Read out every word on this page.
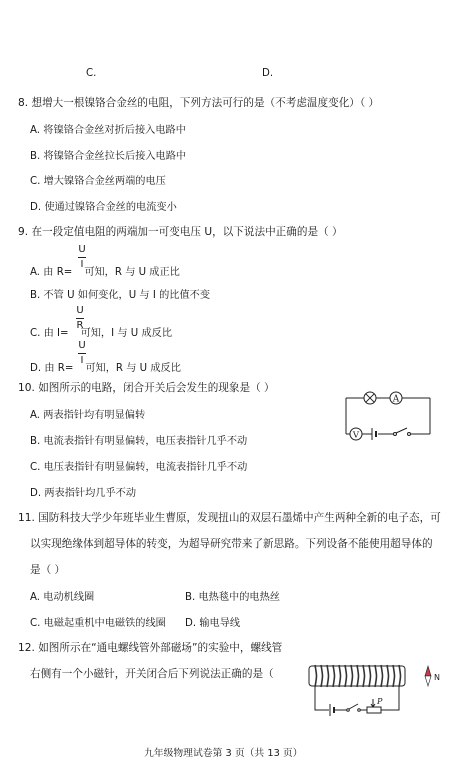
C.	D.
8. 想增大一根镍铬合金丝的电阻，下列方法可行的是（不考虑温度变化）（ ）
A. 将镍铬合金丝对折后接入电路中
B. 将镍铬合金丝拉长后接入电路中
C. 增大镍铬合金丝两端的电压
D. 使通过镍铬合金丝的电流变小
9. 在一段定值电阻的两端加一可变电压 U，以下说法中正确的是（ ）
A. 由 R= 可知，R 与 U 成正比
U
I
B. 不管 U 如何变化，U 与 I 的比值不变
C. 由 I= 可知，I 与 U 成反比
U
R
D. 由 R= 可知，R 与 U 成反比
U
I
10. 如图所示的电路，闭合开关后会发生的现象是（ ）
A. 两表指针均有明显偏转
B. 电流表指针有明显偏转，电压表指针几乎不动
C. 电压表指针有明显偏转，电流表指针几乎不动
D. 两表指针均几乎不动
A
V
11. 国防科技大学少年班毕业生曹原，发现扭山的双层石墨烯中产生两种全新的电子态，可
以实现绝缘体到超导体的转变，为超导研究带来了新思路。下列设备不能使用超导体的
是（ ）
A. 电动机线圈	B. 电热毯中的电热丝
C. 电磁起重机中电磁铁的线圈 D. 输电导线
12. 如图所示在“通电螺线管外部磁场”的实验中，螺线管
右侧有一个小磁针，开关闭合后下列说法正确的是（
P
N
九年级物理试卷第 3 页（共 13 页）
